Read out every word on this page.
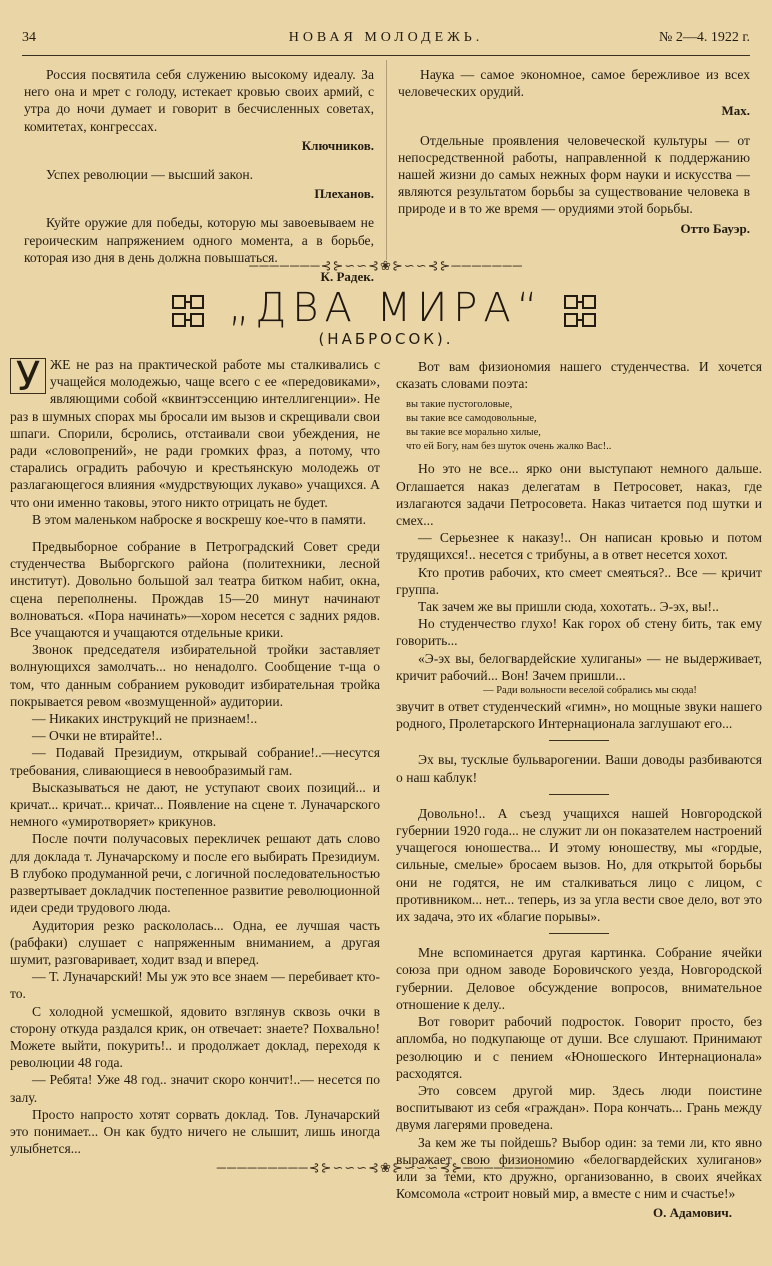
34	НОВАЯ МОЛОДЕЖЬ.	№ 2—4. 1922 г.

Россия посвятила себя служению высокому идеалу. За него она и мрет с голоду, истекает кровью своих армий, с утра до ночи думает и говорит в бесчисленных советах, комитетах, конгрессах.

Ключников.

Успех революции — высший закон.

Плеханов.

Куйте оружие для победы, которую мы завоевываем не героическим напряжением одного момента, а в борьбе, которая изо дня в день должна повышаться.

К. Радек.

Наука — самое экономное, самое бережливое из всех человеческих орудий.

Мах.

Отдельные проявления человеческой культуры — от непосредственной работы, направленной к поддержанию нашей жизни до самых нежных форм науки и искусства — являются результатом борьбы за существование человека в природе и в то же время — орудиями этой борьбы.

Отто Бауэр.
───────⊰⊱∽∽⊰❀⊱∽∽⊰⊱───────
„ДВА МИРА“
(НАБРОСОК).

У ЖЕ не раз на практической работе мы сталкивались с учащейся молодежью, чаще всего с ее «передовиками», являющими собой «квинтэссенцию интеллигенции». Не раз в шумных спорах мы бросали им вызов и скрещивали свои шпаги. Спорили, бсролись, отстаивали свои убеждения, не ради «словопрений», не ради громких фраз, а потому, что старались оградить рабочую и крестьянскую молодежь от разлагающегося влияния «мудрствующих лукаво» учащихся. А что они именно таковы, этого никто отрицать не будет.

В этом маленьком наброске я воскрешу кое-что в памяти.

Предвыборное собрание в Петроградский Совет среди студенчества Выборгского района (политехники, лесной институт). Довольно большой зал театра битком набит, окна, сцена переполнены. Прождав 15—20 минут начинают волноваться. «Пора начинать»—хором несется с задних рядов. Все учащаются и учащаются отдельные крики.

Звонок председателя избирательной тройки заставляет волнующихся замолчать... но ненадолго. Сообщение т-ща о том, что данным собранием руководит избирательная тройка покрывается ревом «возмущенной» аудитории.

— Никаких инструкций не признаем!..

— Очки не втирайте!..

— Подавай Президиум, открывай собрание!..—несутся требования, сливающиеся в невообразимый гам.

Высказываться не дают, не уступают своих позиций... и кричат... кричат... кричат... Появление на сцене т. Луначарского немного «умиротворяет» крикунов.

После почти получасовых перекличек решают дать слово для доклада т. Луначарскому и после его выбирать Президиум. В глубоко продуманной речи, с логичной последовательностью развертывает докладчик постепенное развитие революционной идеи среди трудового люда.

Аудитория резко раскололась... Одна, ее лучшая часть (рабфаки) слушает с напряженным вниманием, а другая шумит, разговаривает, ходит взад и вперед.

— Т. Луначарский! Мы уж это все знаем — перебивает кто-то.

С холодной усмешкой, ядовито взглянув сквозь очки в сторону откуда раздался крик, он отвечает: знаете? Похвально! Можете выйти, покурить!.. и продолжает доклад, переходя к революции 48 года.

— Ребята! Уже 48 год.. значит скоро кончит!..— несется по залу.

Просто напросто хотят сорвать доклад. Тов. Луначарский это понимает... Он как будто ничего не слышит, лишь иногда улыбнется...

Вот вам физиономия нашего студенчества. И хочется сказать словами поэта:

вы такие пустоголовые,
вы такие все самодовольные,
вы такие все морально хилые,
что ей Богу, нам без шуток очень жалко Вас!..

Но это не все... ярко они выступают немного дальше. Оглашается наказ делегатам в Петросовет, наказ, где излагаются задачи Петросовета. Наказ читается под шутки и смех...

— Серьезнее к наказу!.. Он написан кровью и потом трудящихся!.. несется с трибуны, а в ответ несется хохот.

Кто против рабочих, кто смеет смеяться?.. Все — кричит группа.

Так зачем же вы пришли сюда, хохотать.. Э-эх, вы!..

Но студенчество глухо! Как горох об стену бить, так ему говорить...

«Э-эх вы, белогвардейские хулиганы» — не выдерживает, кричит рабочий... Вон! Зачем пришли...

— Ради вольности веселой собрались мы сюда!

звучит в ответ студенческий «гимн», но мощные звуки нашего родного, Пролетарского Интернационала заглушают его...

Эх вы, тусклые бульварогении. Ваши доводы разбиваются о наш каблук!

Довольно!.. А съезд учащихся нашей Новгородской губернии 1920 года... не служит ли он показателем настроений учащегося юношества... И этому юношеству, мы «гордые, сильные, смелые» бросаем вызов. Но, для открытой борьбы они не годятся, не им сталкиваться лицо с лицом, с противником... нет... теперь, из за угла вести свое дело, вот это их задача, это их «благие порывы».

Мне вспоминается другая картинка. Собрание ячейки союза при одном заводе Боровичского уезда, Новгородской губернии. Деловое обсуждение вопросов, внимательное отношение к делу..

Вот говорит рабочий подросток. Говорит просто, без апломба, но подкупающе от души. Все слушают. Принимают резолюцию и с пением «Юношеского Интернационала» расходятся.

Это совсем другой мир. Здесь люди поистине воспитывают из себя «граждан». Пора кончать... Грань между двумя лагерями проведена.

За кем же ты пойдешь? Выбор один: за теми ли, кто явно выражает свою физиономию «белогвардейских хулиганов» или за теми, кто дружно, организованно, в своих ячейках Комсомола «строит новый мир, а вместе с ним и счастье!»

О. Адамович.
─────────⊰⊱∽∽∽⊰❀⊱∽∽∽⊰⊱─────────
